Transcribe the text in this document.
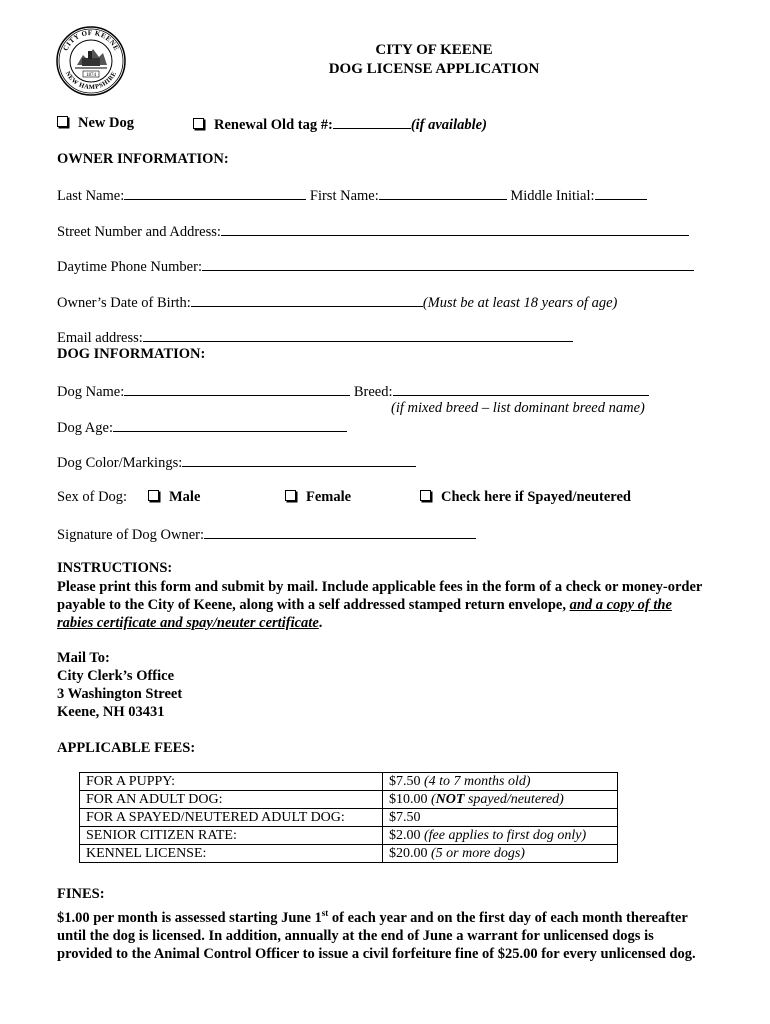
CITY OF KEENE
NEW HAMPSHIRE
1874
CITY OF KEENE
DOG LICENSE APPLICATION
New Dog	Renewal Old tag #:	(if available)
OWNER INFORMATION:
Last Name:	First Name:	Middle Initial:
Street Number and Address:
Daytime Phone Number:
Owner’s Date of Birth:	(Must be at least 18 years of age)
Email address:
DOG INFORMATION:
Dog Name:	Breed:
(if mixed breed – list dominant breed name)
Dog Age:
Dog Color/Markings:
Sex of Dog:	Male	Female	Check here if Spayed/neutered
Signature of Dog Owner:
INSTRUCTIONS:
Please print this form and submit by mail. Include applicable fees in the form of a check or money-order payable to the City of Keene, along with a self addressed stamped return envelope, and a copy of the rabies certificate and spay/neuter certificate.
Mail To:
City Clerk’s Office
3 Washington Street
Keene, NH 03431
APPLICABLE FEES:
FOR A PUPPY:	$7.50 (4 to 7 months old)
FOR AN ADULT DOG:	$10.00 (NOT spayed/neutered)
FOR A SPAYED/NEUTERED ADULT DOG:	$7.50
SENIOR CITIZEN RATE:	$2.00 (fee applies to first dog only)
KENNEL LICENSE:	$20.00 (5 or more dogs)
FINES:
$1.00 per month is assessed starting June 1st of each year and on the first day of each month thereafter until the dog is licensed. In addition, annually at the end of June a warrant for unlicensed dogs is provided to the Animal Control Officer to issue a civil forfeiture fine of $25.00 for every unlicensed dog.
